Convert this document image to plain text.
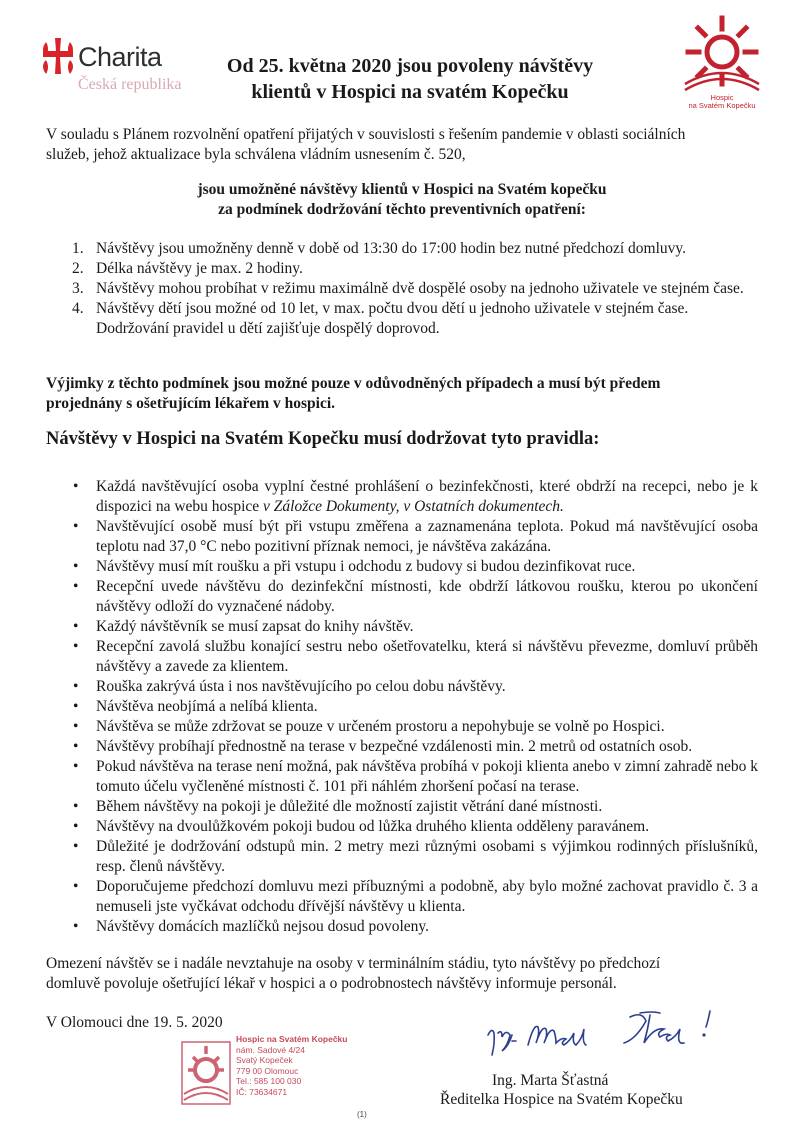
Charita
Česká republika
Od 25. května 2020 jsou povoleny návštěvy
klientů v Hospici na svatém Kopečku	Hospic
na Svatém Kopečku
V souladu s Plánem rozvolnění opatření přijatých v souvislosti s řešením pandemie v oblasti sociálních
služeb, jehož aktualizace byla schválena vládním usnesením č. 520,
jsou umožněné návštěvy klientů v Hospici na Svatém kopečku
za podmínek dodržování těchto preventivních opatření:
1. Návštěvy jsou umožněny denně v době od 13:30 do 17:00 hodin bez nutné předchozí domluvy.
2. Délka návštěvy je max. 2 hodiny.
3. Návštěvy mohou probíhat v režimu maximálně dvě dospělé osoby na jednoho uživatele ve stejném čase.
4. Návštěvy dětí jsou možné od 10 let, v max. počtu dvou dětí u jednoho uživatele v stejném čase. Dodržování pravidel u dětí zajišťuje dospělý doprovod.
Výjimky z těchto podmínek jsou možné pouze v odůvodněných případech a musí být předem
projednány s ošetřujícím lékařem v hospici.
Návštěvy v Hospici na Svatém Kopečku musí dodržovat tyto pravidla:
• Každá navštěvující osoba vyplní čestné prohlášení o bezinfekčnosti, které obdrží na recepci, nebo je k dispozici na webu hospice v Záložce Dokumenty, v Ostatních dokumentech.
• Navštěvující osobě musí být při vstupu změřena a zaznamenána teplota. Pokud má navštěvující osoba teplotu nad 37,0 °C nebo pozitivní příznak nemoci, je návštěva zakázána.
• Návštěvy musí mít roušku a při vstupu i odchodu z budovy si budou dezinfikovat ruce.
• Recepční uvede návštěvu do dezinfekční místnosti, kde obdrží látkovou roušku, kterou po ukončení návštěvy odloží do vyznačené nádoby.
• Každý návštěvník se musí zapsat do knihy návštěv.
• Recepční zavolá službu konající sestru nebo ošetřovatelku, která si návštěvu převezme, domluví průběh návštěvy a zavede za klientem.
• Rouška zakrývá ústa i nos navštěvujícího po celou dobu návštěvy.
• Návštěva neobjímá a nelíbá klienta.
• Návštěva se může zdržovat se pouze v určeném prostoru a nepohybuje se volně po Hospici.
• Návštěvy probíhají přednostně na terase v bezpečné vzdálenosti min. 2 metrů od ostatních osob.
• Pokud návštěva na terase není možná, pak návštěva probíhá v pokoji klienta anebo v zimní zahradě nebo k tomuto účelu vyčleněné místnosti č. 101 při náhlém zhoršení počasí na terase.
• Během návštěvy na pokoji je důležité dle možností zajistit větrání dané místnosti.
• Návštěvy na dvoulůžkovém pokoji budou od lůžka druhého klienta odděleny paravánem.
• Důležité je dodržování odstupů min. 2 metry mezi různými osobami s výjimkou rodinných příslušníků, resp. členů návštěvy.
• Doporučujeme předchozí domluvu mezi příbuznými a podobně, aby bylo možné zachovat pravidlo č. 3 a nemuseli jste vyčkávat odchodu dřívější návštěvy u klienta.
• Návštěvy domácích mazlíčků nejsou dosud povoleny.
Omezení návštěv se i nadále nevztahuje na osoby v terminálním stádiu, tyto návštěvy po předchozí
domluvě povoluje ošetřující lékař v hospici a o podrobnostech návštěvy informuje personál.
V Olomouci dne 19. 5. 2020
Hospic na Svatém Kopečku
nám. Sadové 4/24
Svatý Kopeček
779 00 Olomouc
Tel.: 585 100 030
IČ: 73634671
(1)
Ing. Marta Šťastná
Ředitelka Hospice na Svatém Kopečku
